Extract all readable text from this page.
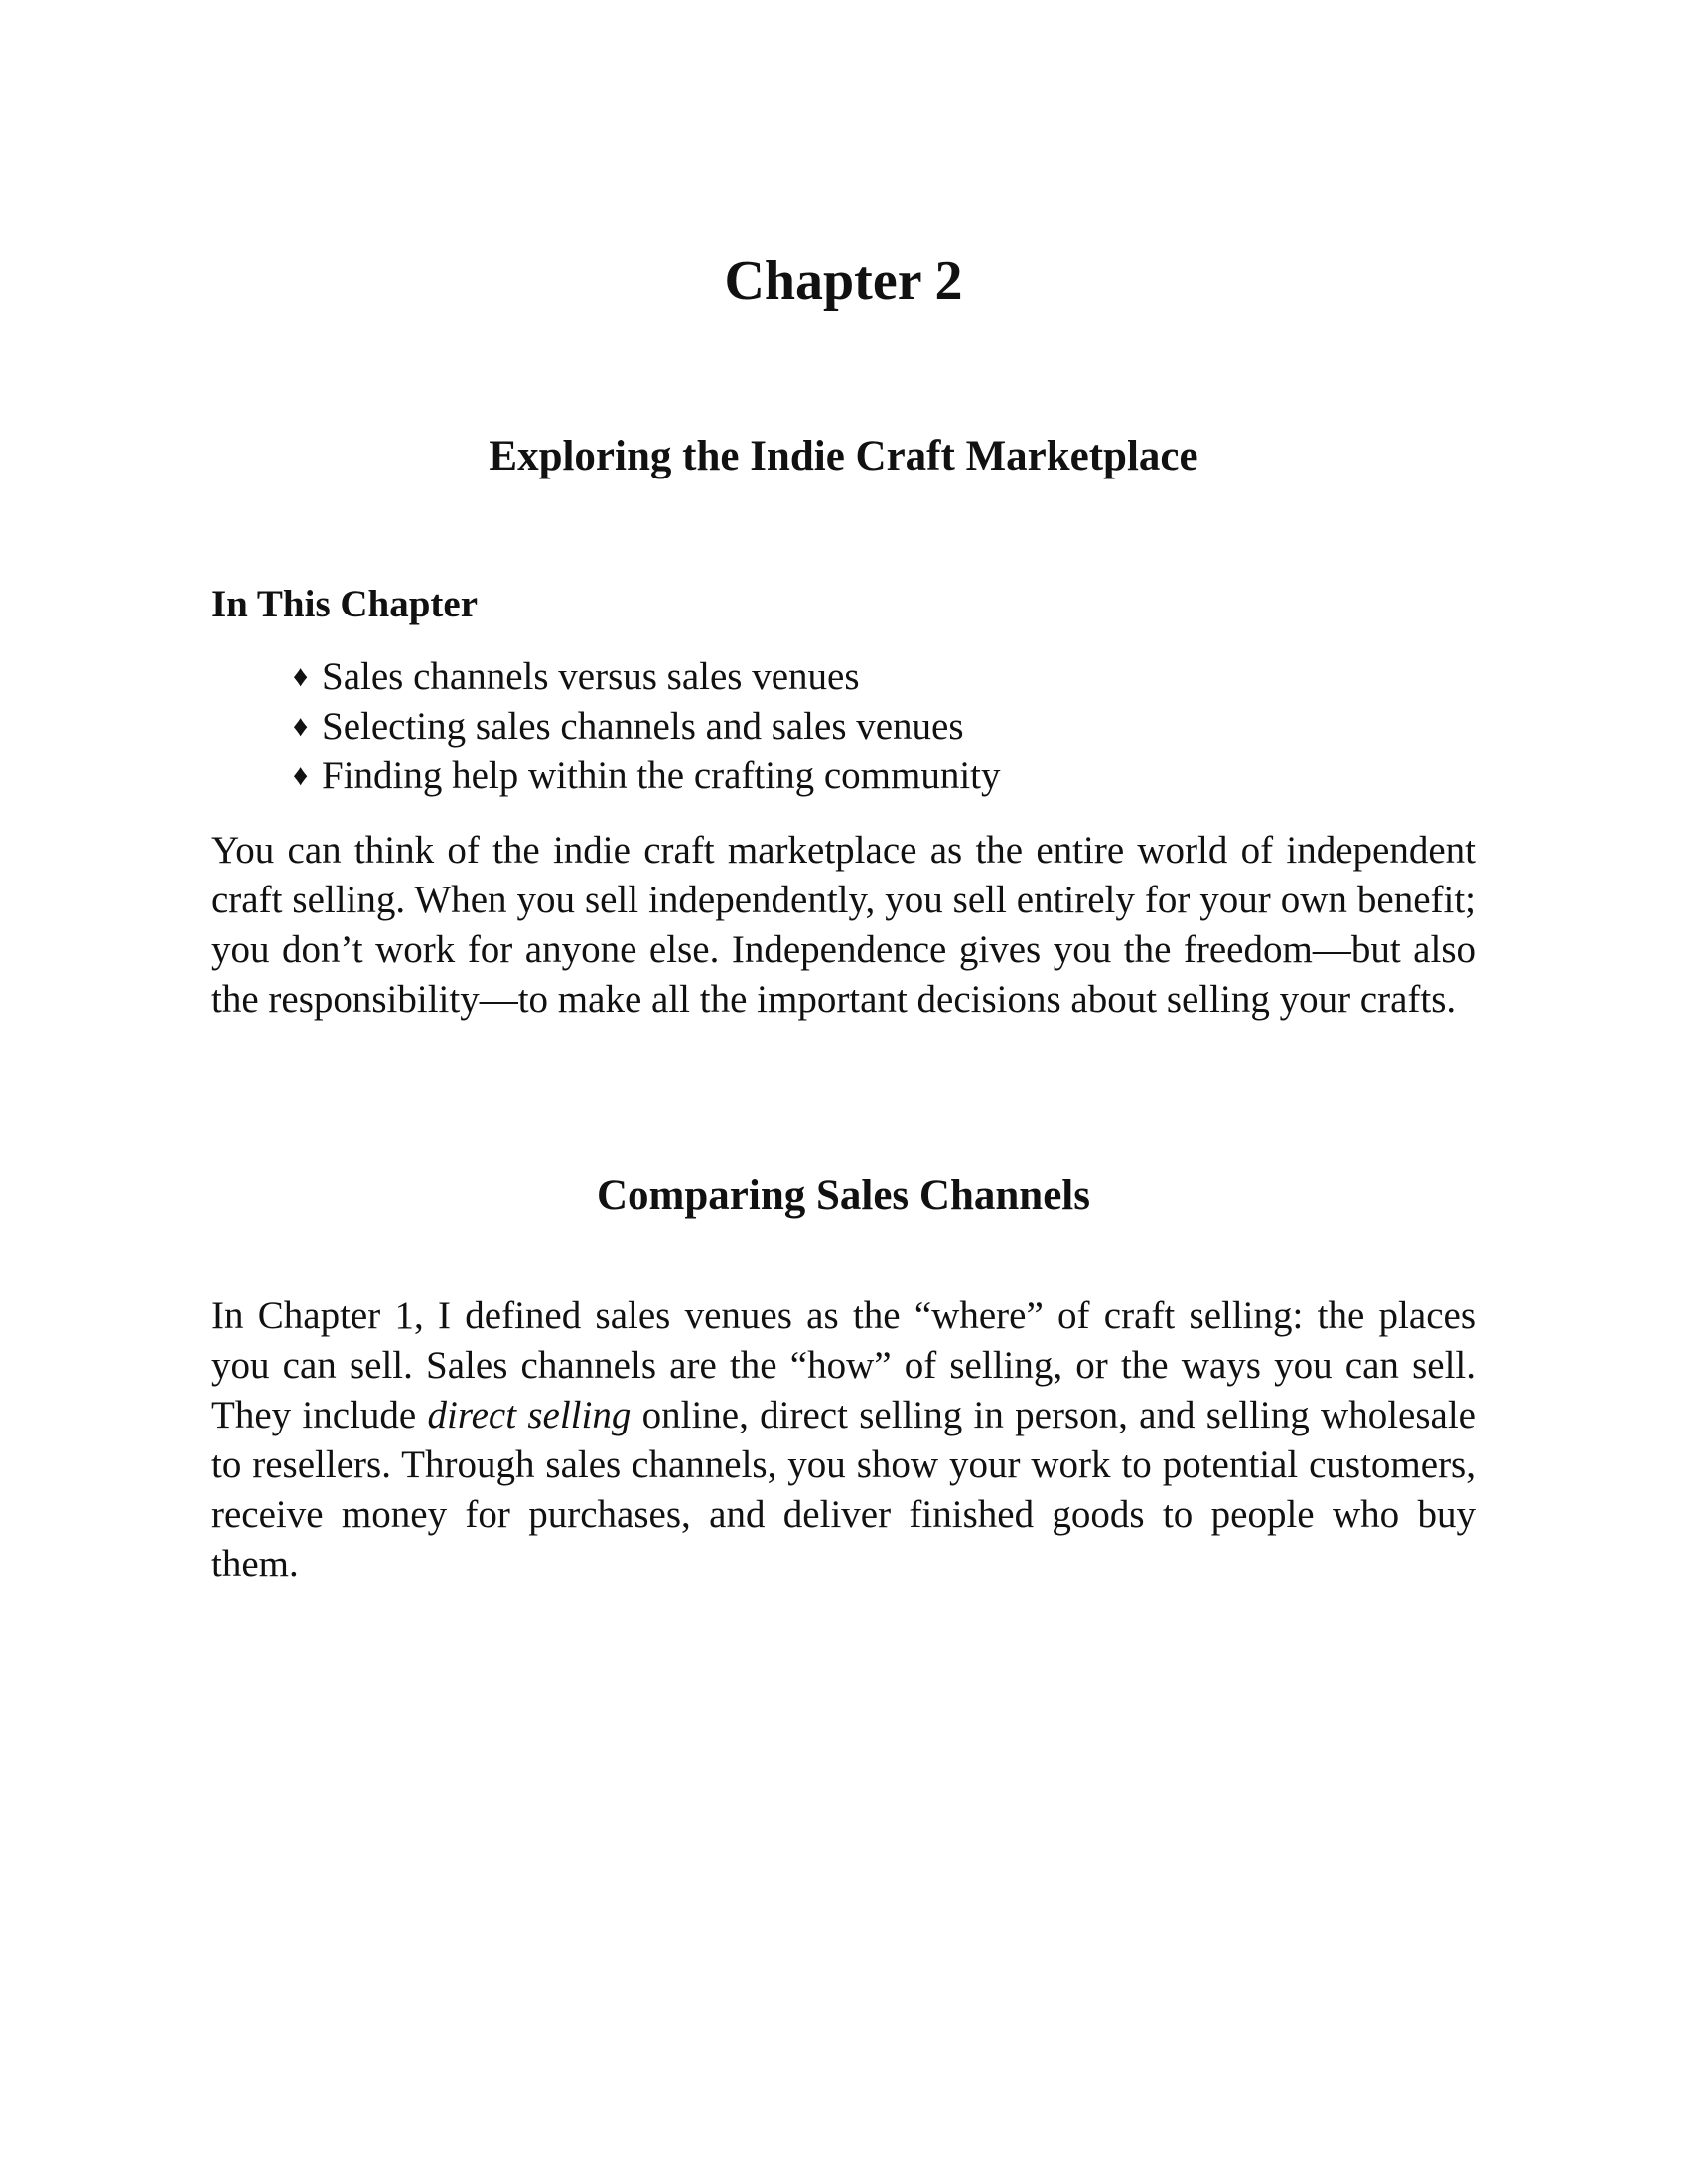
Chapter 2
Exploring the Indie Craft Marketplace
In This Chapter
♦ Sales channels versus sales venues
♦ Selecting sales channels and sales venues
♦ Finding help within the crafting community

You can think of the indie craft marketplace as the entire world of independent craft selling. When you sell independently, you sell entirely for your own benefit; you don’t work for anyone else. Independence gives you the freedom—but also the responsibility—to make all the important decisions about selling your crafts.

Comparing Sales Channels

In Chapter 1, I defined sales venues as the “where” of craft selling: the places you can sell. Sales channels are the “how” of selling, or the ways you can sell. They include direct selling online, direct selling in person, and selling wholesale to resellers. Through sales channels, you show your work to potential customers, receive money for purchases, and deliver finished goods to people who buy them.
